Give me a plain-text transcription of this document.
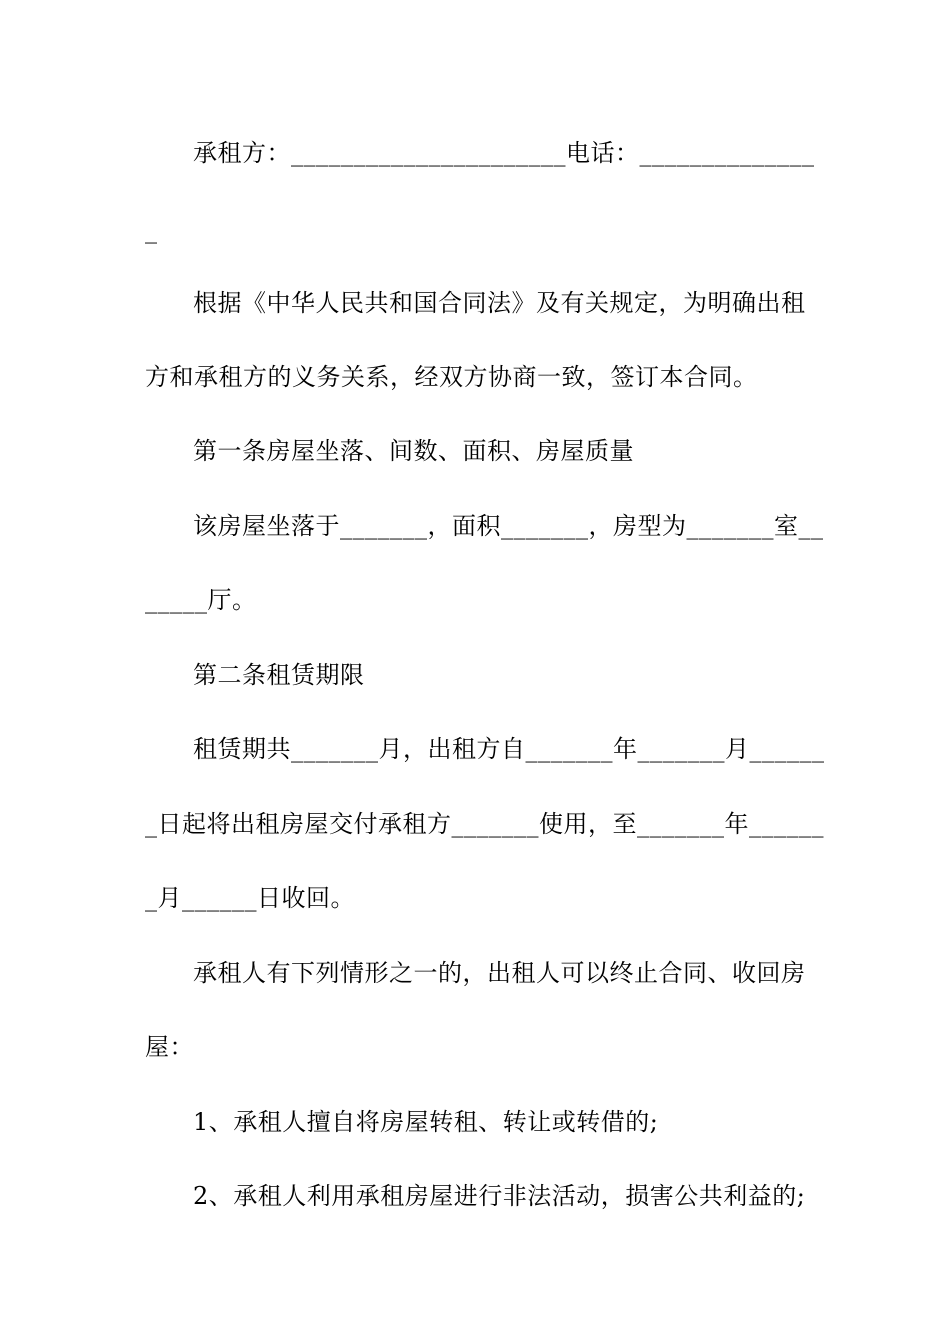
承租方：______________________电话：______________
_
根据《中华人民共和国合同法》及有关规定，为明确出租
方和承租方的义务关系，经双方协商一致，签订本合同。
第一条房屋坐落、间数、面积、房屋质量
该房屋坐落于_______，面积_______，房型为_______室__
_____厅。
第二条租赁期限
租赁期共_______月，出租方自_______年_______月______
_日起将出租房屋交付承租方_______使用，至_______年______
_月______日收回。
承租人有下列情形之一的，出租人可以终止合同、收回房
屋：
1、承租人擅自将房屋转租、转让或转借的;
2、承租人利用承租房屋进行非法活动，损害公共利益的;
